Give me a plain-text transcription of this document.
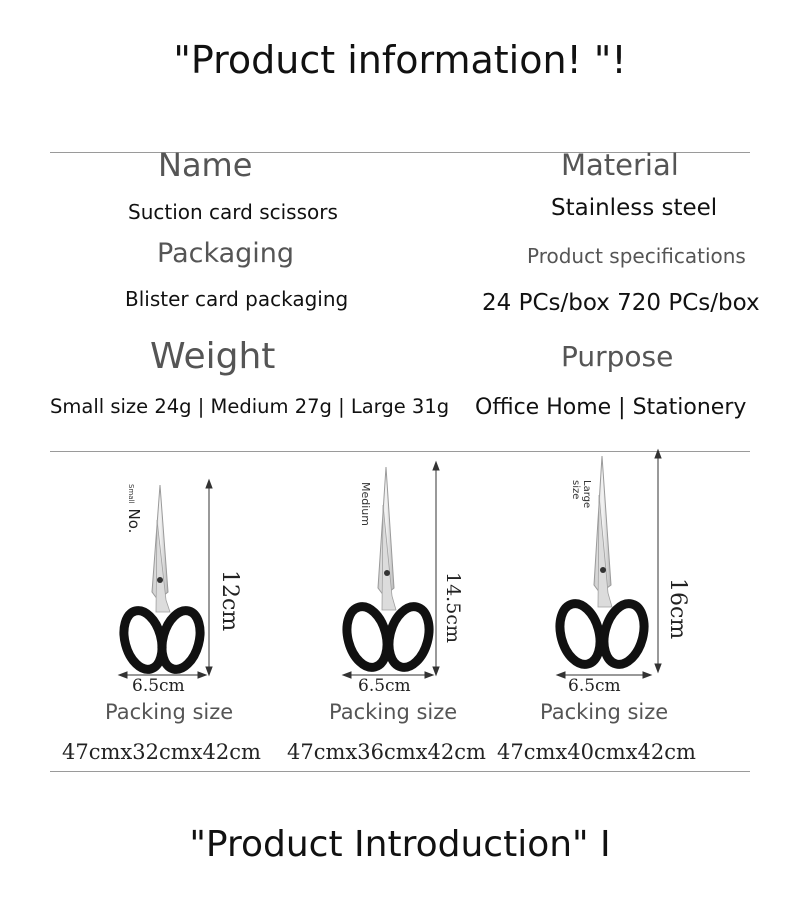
"Product information! "!
Name
Suction card scissors
Material
Stainless steel
Packaging
Blister card packaging
Product specifications
24 PCs/box 720 PCs/box
Weight
Small size 24g | Medium 27g | Large 31g
Purpose
Office Home | Stationery
Small No.
12cm
6.5cm
Medium
14.5cm
6.5cm
Large size
16cm
6.5cm
Packing size
47cmx32cmx42cm
Packing size
47cmx36cmx42cm
Packing size
47cmx40cmx42cm
"Product Introduction" I
